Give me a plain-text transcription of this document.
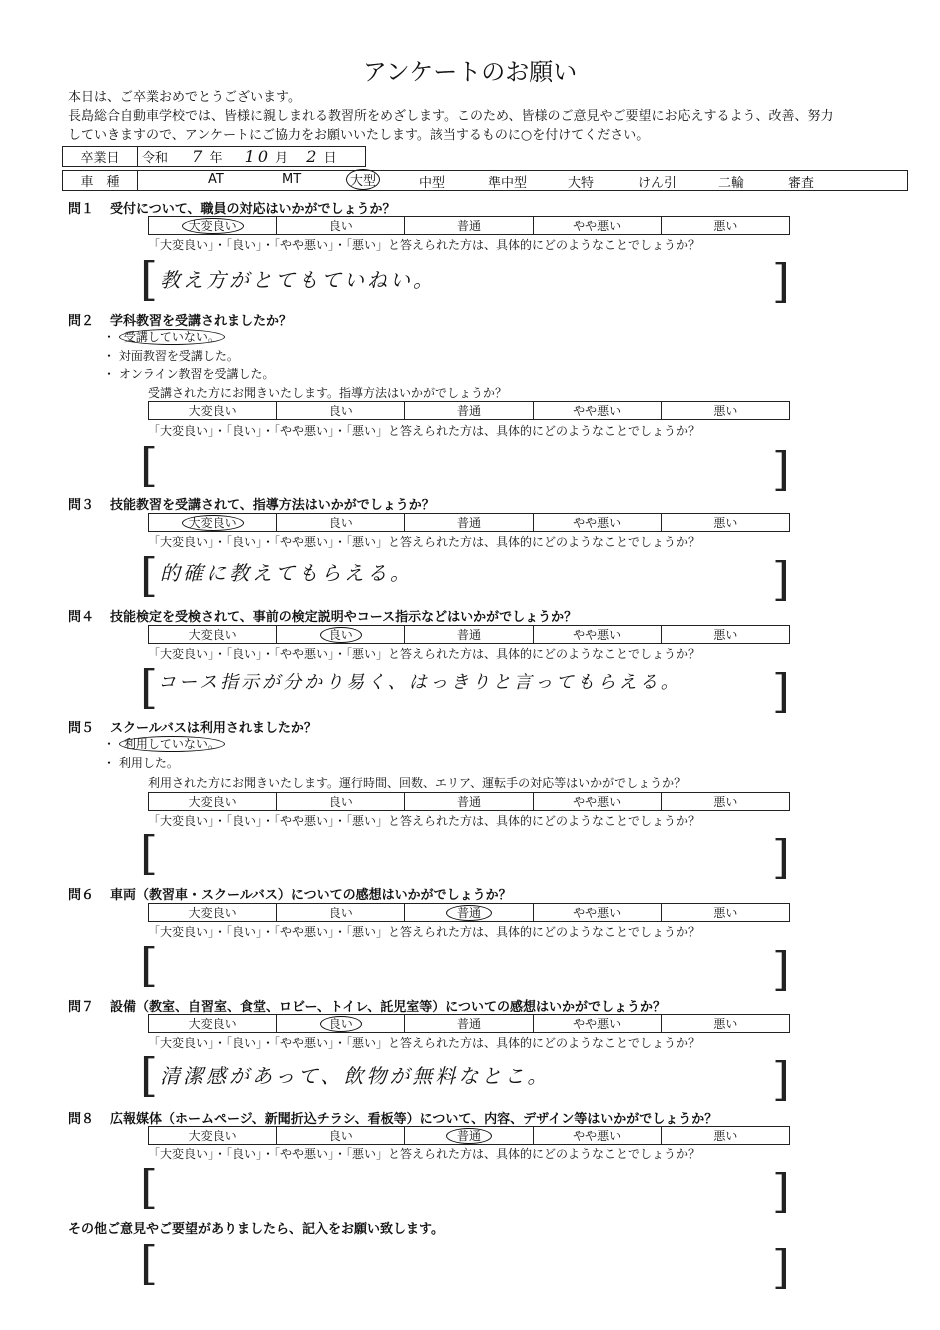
アンケートのお願い
本日は、ご卒業おめでとうございます。
長島総合自動車学校では、皆様に親しまれる教習所をめざします。このため、皆様のご意見やご要望にお応えするよう、改善、努力
していきますので、アンケートにご協力をお願いいたします。該当するものに○を付けてください。
卒業日	令和 7 年 10 月 2 日
車　種	AT	MT	大型	中型	準中型	大特	けん引	二輪	審査
問１ 受付について、職員の対応はいかがでしょうか？
大変良い	良い	普通	やや悪い	悪い
「大変良い」・「良い」・「やや悪い」・「悪い」と答えられた方は、具体的にどのようなことでしょうか？
[ 教え方がとてもていねい。	]
問２ 学科教習を受講されましたか？
・ 受講していない。
・ 対面教習を受講した。
・ オンライン教習を受講した。
受講された方にお聞きいたします。指導方法はいかがでしょうか？
大変良い	良い	普通	やや悪い	悪い
「大変良い」・「良い」・「やや悪い」・「悪い」と答えられた方は、具体的にどのようなことでしょうか？
[	]
問３ 技能教習を受講されて、指導方法はいかがでしょうか？
大変良い	良い	普通	やや悪い	悪い
「大変良い」・「良い」・「やや悪い」・「悪い」と答えられた方は、具体的にどのようなことでしょうか？
[ 的確に教えてもらえる。	]
問４ 技能検定を受検されて、事前の検定説明やコース指示などはいかがでしょうか？
大変良い	良い	普通	やや悪い	悪い
「大変良い」・「良い」・「やや悪い」・「悪い」と答えられた方は、具体的にどのようなことでしょうか？
[ コース指示が分かり易く、はっきりと言ってもらえる。 ]
問５ スクールバスは利用されましたか？
・ 利用していない。
・ 利用した。
利用された方にお聞きいたします。運行時間、回数、エリア、運転手の対応等はいかがでしょうか？
大変良い	良い	普通	やや悪い	悪い
「大変良い」・「良い」・「やや悪い」・「悪い」と答えられた方は、具体的にどのようなことでしょうか？
[	]
問６ 車両（教習車・スクールバス）についての感想はいかがでしょうか？
大変良い	良い	普通	やや悪い	悪い
「大変良い」・「良い」・「やや悪い」・「悪い」と答えられた方は、具体的にどのようなことでしょうか？
[	]
問７ 設備（教室、自習室、食堂、ロビー、トイレ、託児室等）についての感想はいかがでしょうか？
大変良い	良い	普通	やや悪い	悪い
「大変良い」・「良い」・「やや悪い」・「悪い」と答えられた方は、具体的にどのようなことでしょうか？
[ 清潔感があって、飲物が無料なとこ。	]
問８ 広報媒体（ホームページ、新聞折込チラシ、看板等）について、内容、デザイン等はいかがでしょうか？
大変良い	良い	普通	やや悪い	悪い
「大変良い」・「良い」・「やや悪い」・「悪い」と答えられた方は、具体的にどのようなことでしょうか？
[	]
その他ご意見やご要望がありましたら、記入をお願い致します。
[	]
